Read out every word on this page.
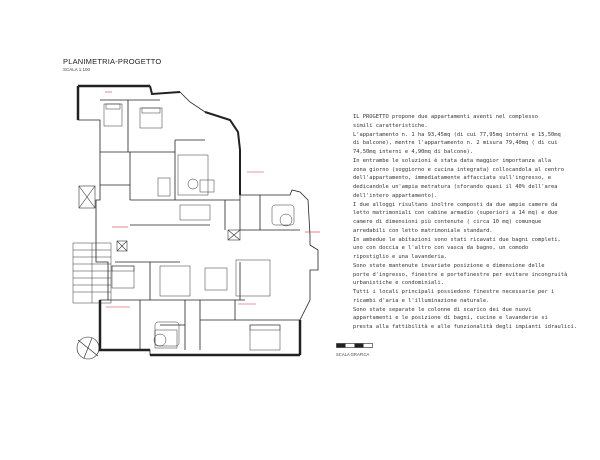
PLANIMETRIA-PROGETTO
SCALA 1:100

IL PROGETTO propone due appartamenti aventi nel complesso

simili caratteristiche.

L'appartamento n. 1 ha 93,45mq (di cui 77,95mq interni e 15,50mq

di balcone), mentre l'appartamento n. 2 misura 79,40mq ( di cui

74,50mq interni e 4,90mq di balcone).

In entrambe le soluzioni è stata data maggior importanza alla

zona giorno (soggiorno e cucina integrata) collocandola al centro

dell'appartamento, immediatamente affacciata sull'ingresso, e

dedicandole un'ampia metratura (sforando quasi il 40% dell'area

dell'intero appartamento).

I due alloggi risultano inoltre composti da due ampie camere da

letto matrimoniali con cabine armadio (superiori a 14 mq) e due

camere di dimensioni più contenute ( circa 10 mq) comunque

arredabili con letto matrimoniale standard.

In ambedue le abitazioni sono stati ricavati due bagni completi,

uno con doccia e l'altro con vasca da bagno, un comodo

ripostiglio e una lavanderia.

Sono state mantenute invariate posizione e dimensione delle

porte d'ingresso, finestre e portefinestre per evitare incongruità

urbanistiche e condominiali.

Tutti i locali principali possiedono finestre necessarie per i

ricambi d'aria e l'illuminazione naturale.

Sono state separate le colonne di scarico dei due nuovi

appartamenti e le posizione di bagni, cucine e lavanderie si

presta alla fattibilità e alle funzionalità degli impianti idraulici.

SCALA GRAFICA
